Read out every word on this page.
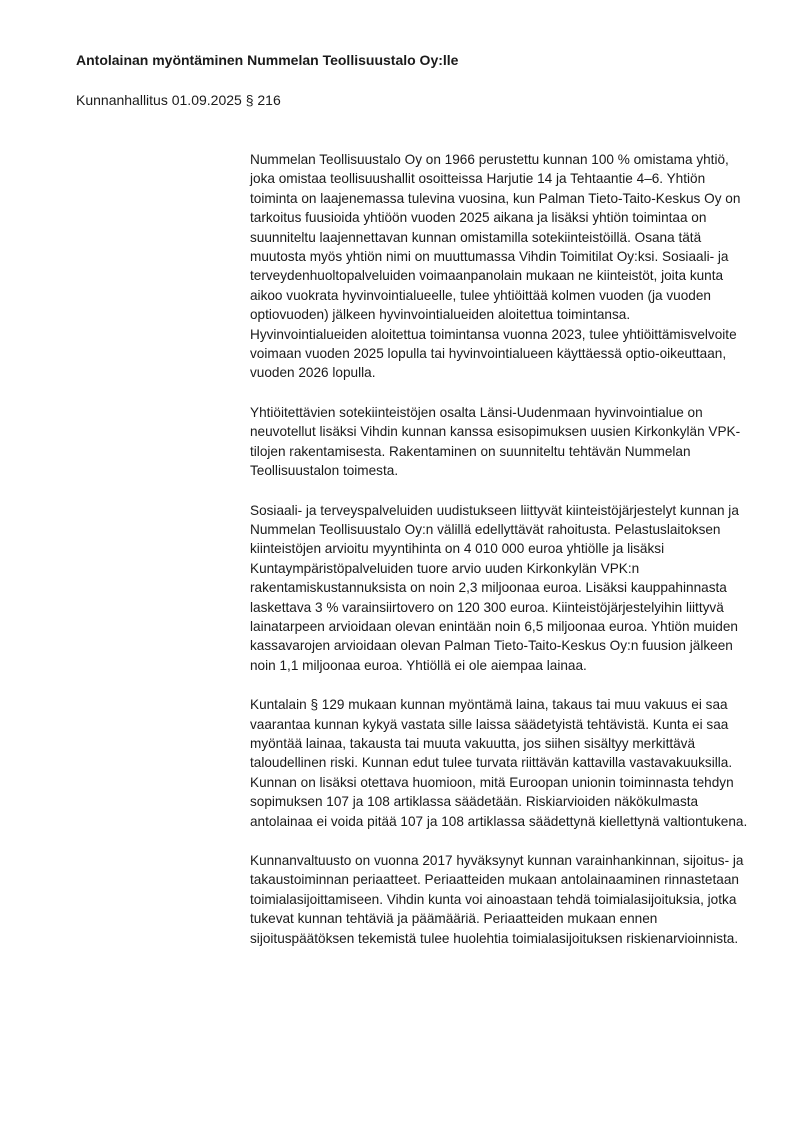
Antolainan myöntäminen Nummelan Teollisuustalo Oy:lle

Kunnanhallitus 01.09.2025 § 216

Nummelan Teollisuustalo Oy on 1966 perustettu kunnan 100 % omistama yhtiö, joka omistaa teollisuushallit osoitteissa Harjutie 14 ja Tehtaantie 4–6. Yhtiön toiminta on laajenemassa tulevina vuosina, kun Palman Tieto-Taito-Keskus Oy on tarkoitus fuusioida yhtiöön vuoden 2025 aikana ja lisäksi yhtiön toimintaa on suunniteltu laajennettavan kunnan omistamilla sotekiinteistöillä. Osana tätä muutosta myös yhtiön nimi on muuttumassa Vihdin Toimitilat Oy:ksi. Sosiaali- ja terveydenhuoltopalveluiden voimaanpanolain mukaan ne kiinteistöt, joita kunta aikoo vuokrata hyvinvointialueelle, tulee yhtiöittää kolmen vuoden (ja vuoden optiovuoden) jälkeen hyvinvointialueiden aloitettua toimintansa. Hyvinvointialueiden aloitettua toimintansa vuonna 2023, tulee yhtiöittämisvelvoite voimaan vuoden 2025 lopulla tai hyvinvointialueen käyttäessä optio-oikeuttaan, vuoden 2026 lopulla.

Yhtiöitettävien sotekiinteistöjen osalta Länsi-Uudenmaan hyvinvointialue on neuvotellut lisäksi Vihdin kunnan kanssa esisopimuksen uusien Kirkonkylän VPK-tilojen rakentamisesta. Rakentaminen on suunniteltu tehtävän Nummelan Teollisuustalon toimesta.

Sosiaali- ja terveyspalveluiden uudistukseen liittyvät kiinteistöjärjestelyt kunnan ja Nummelan Teollisuustalo Oy:n välillä edellyttävät rahoitusta. Pelastuslaitoksen kiinteistöjen arvioitu myyntihinta on 4 010 000 euroa yhtiölle ja lisäksi Kuntaympäristöpalveluiden tuore arvio uuden Kirkonkylän VPK:n rakentamiskustannuksista on noin 2,3 miljoonaa euroa. Lisäksi kauppahinnasta laskettava 3 % varainsiirtovero on 120 300 euroa. Kiinteistöjärjestelyihin liittyvä lainatarpeen arvioidaan olevan enintään noin 6,5 miljoonaa euroa. Yhtiön muiden kassavarojen arvioidaan olevan Palman Tieto-Taito-Keskus Oy:n fuusion jälkeen noin 1,1 miljoonaa euroa. Yhtiöllä ei ole aiempaa lainaa.

Kuntalain § 129 mukaan kunnan myöntämä laina, takaus tai muu vakuus ei saa vaarantaa kunnan kykyä vastata sille laissa säädetyistä tehtävistä. Kunta ei saa myöntää lainaa, takausta tai muuta vakuutta, jos siihen sisältyy merkittävä taloudellinen riski. Kunnan edut tulee turvata riittävän kattavilla vastavakuuksilla. Kunnan on lisäksi otettava huomioon, mitä Euroopan unionin toiminnasta tehdyn sopimuksen 107 ja 108 artiklassa säädetään. Riskiarvioiden näkökulmasta antolainaa ei voida pitää 107 ja 108 artiklassa säädettynä kiellettynä valtiontukena.

Kunnanvaltuusto on vuonna 2017 hyväksynyt kunnan varainhankinnan, sijoitus- ja takaustoiminnan periaatteet. Periaatteiden mukaan antolainaaminen rinnastetaan toimialasijoittamiseen. Vihdin kunta voi ainoastaan tehdä toimialasijoituksia, jotka tukevat kunnan tehtäviä ja päämääriä. Periaatteiden mukaan ennen sijoituspäätöksen tekemistä tulee huolehtia toimialasijoituksen riskienarvioinnista.
